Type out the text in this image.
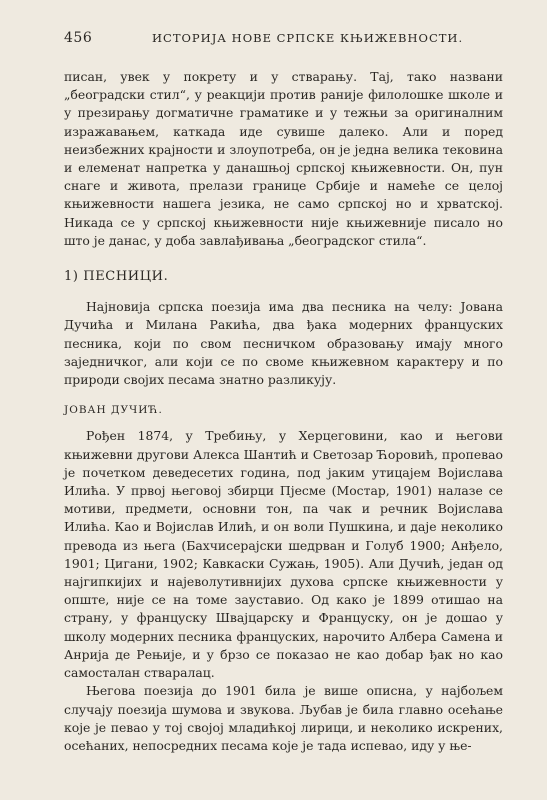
456	ИСТОРИЈА НОВЕ СРПСКЕ КЊИЖЕВНОСТИ.

писан, увек у покрету и у стварању. Тај, тако названи „београдски стил“, у реакцији против раније филолошке школе и у презирању догматичне граматике и у тежњи за оригиналним изражавањем, каткада иде сувише далеко. Али и поред неизбежних крајности и злоупотреба, он је једна велика тековина и елеменат напретка у данашњој српској књижевности. Он, пун снаге и живота, прелази границе Србије и намеће се целој књижевности нашега језика, не само српској но и хрватској. Никада се у српској књижевности није књижевније писало но што је данас, у доба завлађивања „београдског стила“.

1) ПЕСНИЦИ.

Најновија српска поезија има два песника на челу: Јована Дучића и Милана Ракића, два ђака модерних француских песника, који по свом песничком образовању имају много заједничког, али који се по своме књижевном карактеру и по природи својих песама знатно разликују.

ЈОВАН ДУЧИЋ.

Рођен 1874, у Требињу, у Херцеговини, као и његови књижевни другови Алекса Шантић и Светозар Ћоровић, пропевао је почетком деведесетих година, под јаким утицајем Војислава Илића. У првој његовој збирци Пјесме (Мостар, 1901) налазе се мотиви, предмети, основни тон, па чак и речник Војислава Илића. Као и Војислав Илић, и он воли Пушкина, и даје неколико превода из њега (Бахчисерајски шедрван и Голуб 1900; Анђело, 1901; Цигани, 1902; Кавкаски Сужањ, 1905). Али Дучић, један од најгипкијих и најеволутивнијих духова српске књижевности у опште, није се на томе зауставио. Од како је 1899 отишао на страну, у француску Швајцарску и Француску, он је дошао у школу модерних песника француских, нарочито Албера Самена и Анрија де Рењије, и у брзо се показао не као добар ђак но као самосталан стваралац.

Његова поезија до 1901 била је више описна, у најбољем случају поезија шумова и звукова. Љубав је била главно осећање које је певао у тој својој младићкој лирици, и неколико искрених, осећаних, непосредних песама које је тада испевао, иду у ње-
